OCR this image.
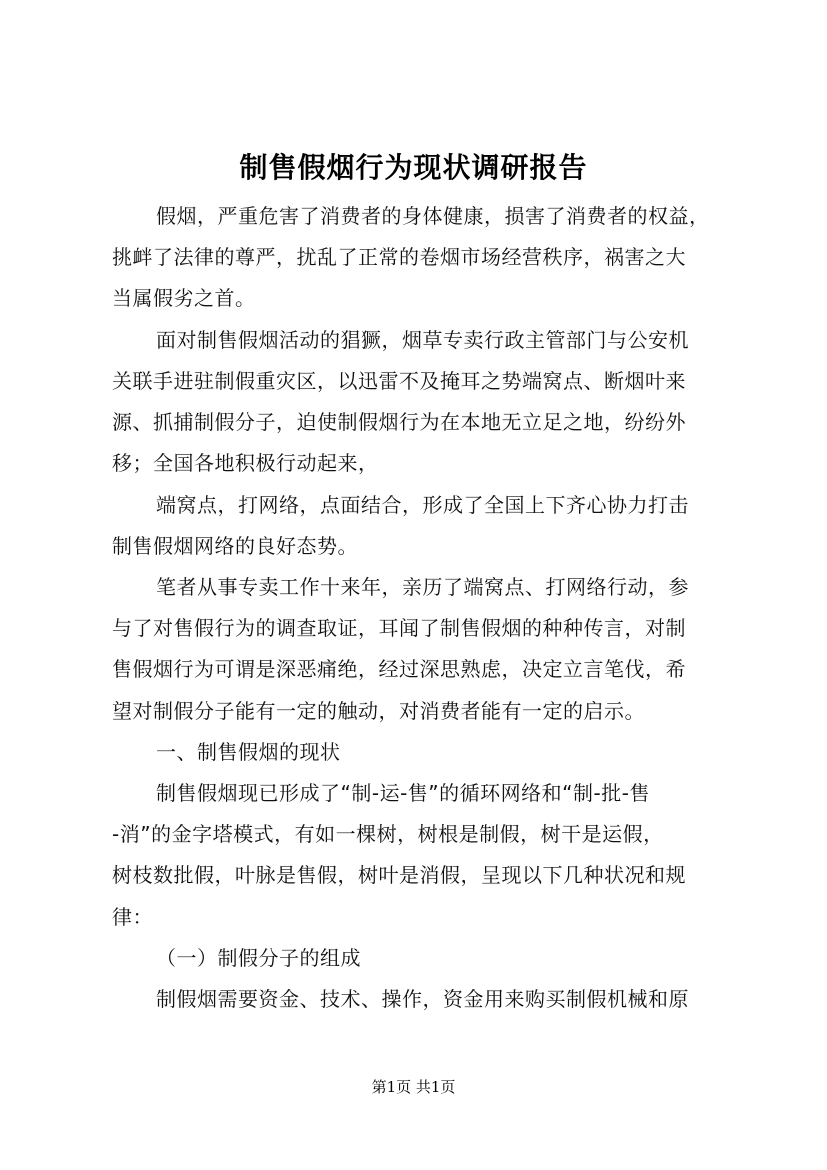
制售假烟行为现状调研报告
假烟，严重危害了消费者的身体健康，损害了消费者的权益，
挑衅了法律的尊严，扰乱了正常的卷烟市场经营秩序，祸害之大
当属假劣之首。
面对制售假烟活动的猖獗，烟草专卖行政主管部门与公安机
关联手进驻制假重灾区，以迅雷不及掩耳之势端窝点、断烟叶来
源、抓捕制假分子，迫使制假烟行为在本地无立足之地，纷纷外
移；全国各地积极行动起来，
端窝点，打网络，点面结合，形成了全国上下齐心协力打击
制售假烟网络的良好态势。
笔者从事专卖工作十来年，亲历了端窝点、打网络行动，参
与了对售假行为的调查取证，耳闻了制售假烟的种种传言，对制
售假烟行为可谓是深恶痛绝，经过深思熟虑，决定立言笔伐，希
望对制假分子能有一定的触动，对消费者能有一定的启示。
一、制售假烟的现状
制售假烟现已形成了“制-运-售”的循环网络和“制-批-售
-消”的金字塔模式，有如一棵树，树根是制假，树干是运假，
树枝数批假，叶脉是售假，树叶是消假，呈现以下几种状况和规
律：
（一）制假分子的组成
制假烟需要资金、技术、操作，资金用来购买制假机械和原
第1页 共1页
